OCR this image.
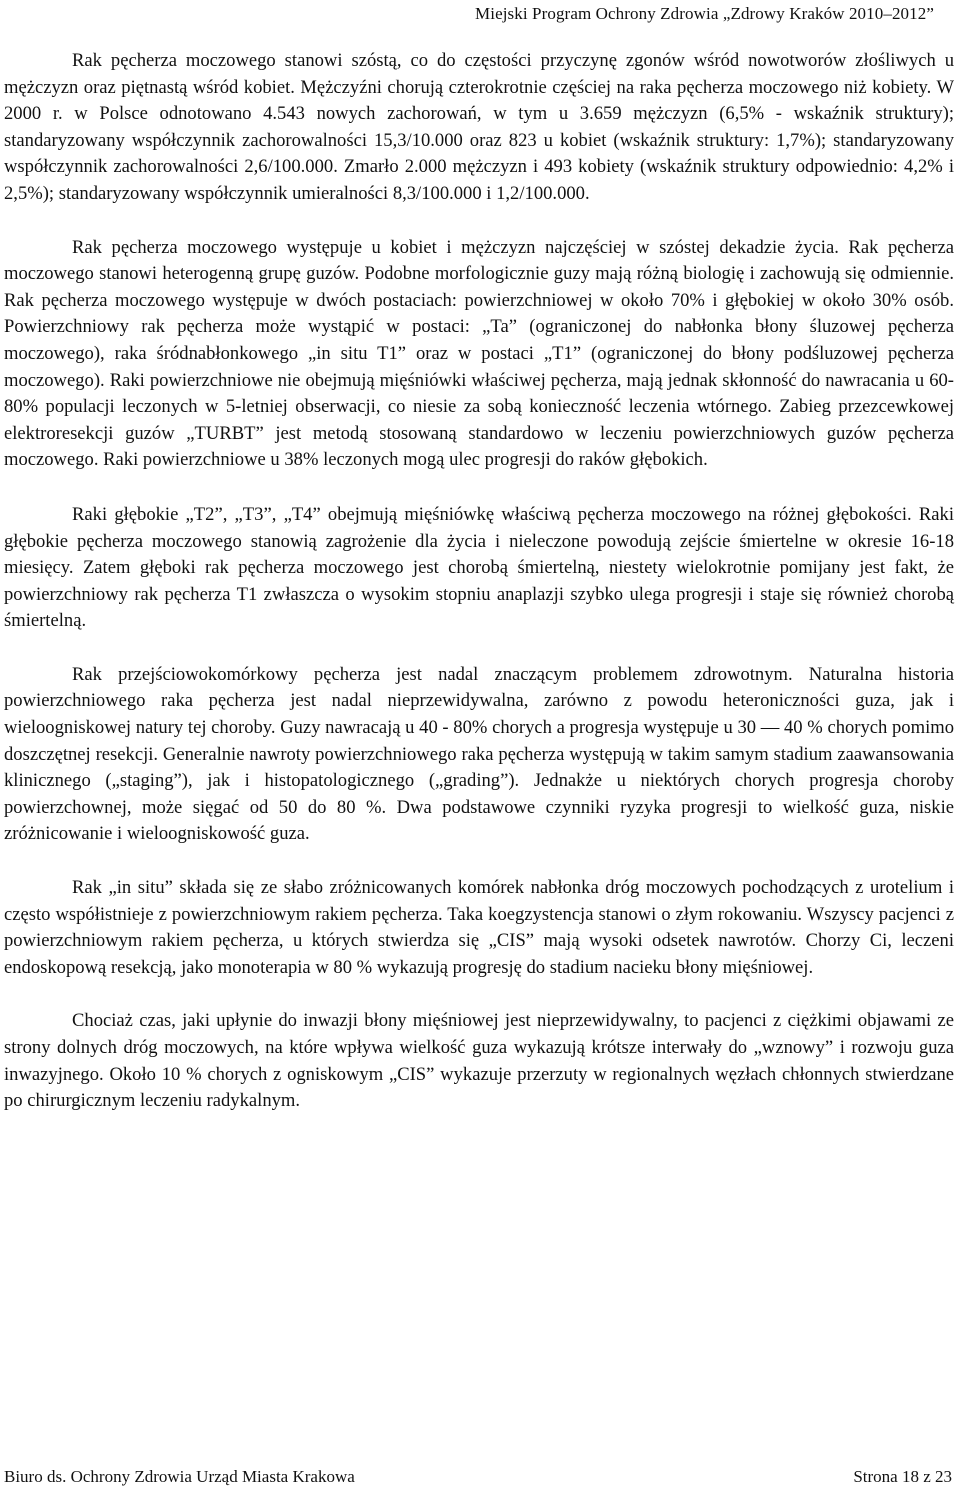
Miejski Program Ochrony Zdrowia „Zdrowy Kraków 2010–2012”

Rak pęcherza moczowego stanowi szóstą, co do częstości przyczynę zgonów wśród nowotworów złośliwych u mężczyzn oraz piętnastą wśród kobiet. Mężczyźni chorują czterokrotnie częściej na raka pęcherza moczowego niż kobiety. W 2000 r. w Polsce odnotowano 4.543 nowych zachorowań, w tym u 3.659 mężczyzn (6,5% - wskaźnik struktury); standaryzowany współczynnik zachorowalności 15,3/10.000 oraz 823 u kobiet (wskaźnik struktury: 1,7%); standaryzowany współczynnik zachorowalności 2,6/100.000. Zmarło 2.000 mężczyzn i 493 kobiety (wskaźnik struktury odpowiednio: 4,2% i 2,5%); standaryzowany współczynnik umieralności 8,3/100.000 i 1,2/100.000.

Rak pęcherza moczowego występuje u kobiet i mężczyzn najczęściej w szóstej dekadzie życia. Rak pęcherza moczowego stanowi heterogenną grupę guzów. Podobne morfologicznie guzy mają różną biologię i zachowują się odmiennie. Rak pęcherza moczowego występuje w dwóch postaciach: powierzchniowej w około 70% i głębokiej w około 30% osób. Powierzchniowy rak pęcherza może wystąpić w postaci: „Ta” (ograniczonej do nabłonka błony śluzowej pęcherza moczowego), raka śródnabłonkowego „in situ T1” oraz w postaci „T1” (ograniczonej do błony podśluzowej pęcherza moczowego). Raki powierzchniowe nie obejmują mięśniówki właściwej pęcherza, mają jednak skłonność do nawracania u 60-80% populacji leczonych w 5-letniej obserwacji, co niesie za sobą konieczność leczenia wtórnego. Zabieg przezcewkowej elektroresekcji guzów „TURBT” jest metodą stosowaną standardowo w leczeniu powierzchniowych guzów pęcherza moczowego. Raki powierzchniowe u 38% leczonych mogą ulec progresji do raków głębokich.

Raki głębokie „T2”, „T3”, „T4” obejmują mięśniówkę właściwą pęcherza moczowego na różnej głębokości. Raki głębokie pęcherza moczowego stanowią zagrożenie dla życia i nieleczone powodują zejście śmiertelne w okresie 16-18 miesięcy. Zatem głęboki rak pęcherza moczowego jest chorobą śmiertelną, niestety wielokrotnie pomijany jest fakt, że powierzchniowy rak pęcherza T1 zwłaszcza o wysokim stopniu anaplazji szybko ulega progresji i staje się również chorobą śmiertelną.

Rak przejściowokomórkowy pęcherza jest nadal znaczącym problemem zdrowotnym. Naturalna historia powierzchniowego raka pęcherza jest nadal nieprzewidywalna, zarówno z powodu heteroniczności guza, jak i wieloogniskowej natury tej choroby. Guzy nawracają u 40 - 80% chorych a progresja występuje u 30 — 40 % chorych pomimo doszczętnej resekcji. Generalnie nawroty powierzchniowego raka pęcherza występują w takim samym stadium zaawansowania klinicznego („staging”), jak i histopatologicznego („grading”). Jednakże u niektórych chorych progresja choroby powierzchownej, może sięgać od 50 do 80 %. Dwa podstawowe czynniki ryzyka progresji to wielkość guza, niskie zróżnicowanie i wieloogniskowość guza.

Rak „in situ” składa się ze słabo zróżnicowanych komórek nabłonka dróg moczowych pochodzących z urotelium i często współistnieje z powierzchniowym rakiem pęcherza. Taka koegzystencja stanowi o złym rokowaniu. Wszyscy pacjenci z powierzchniowym rakiem pęcherza, u których stwierdza się „CIS” mają wysoki odsetek nawrotów. Chorzy Ci, leczeni endoskopową resekcją, jako monoterapia w 80 % wykazują progresję do stadium nacieku błony mięśniowej.

Chociaż czas, jaki upłynie do inwazji błony mięśniowej jest nieprzewidywalny, to pacjenci z ciężkimi objawami ze strony dolnych dróg moczowych, na które wpływa wielkość guza wykazują krótsze interwały do „wznowy” i rozwoju guza inwazyjnego. Około 10 % chorych z ogniskowym „CIS” wykazuje przerzuty w regionalnych węzłach chłonnych stwierdzane po chirurgicznym leczeniu radykalnym.

Biuro ds. Ochrony Zdrowia Urząd Miasta Krakowa	Strona 18 z 23
